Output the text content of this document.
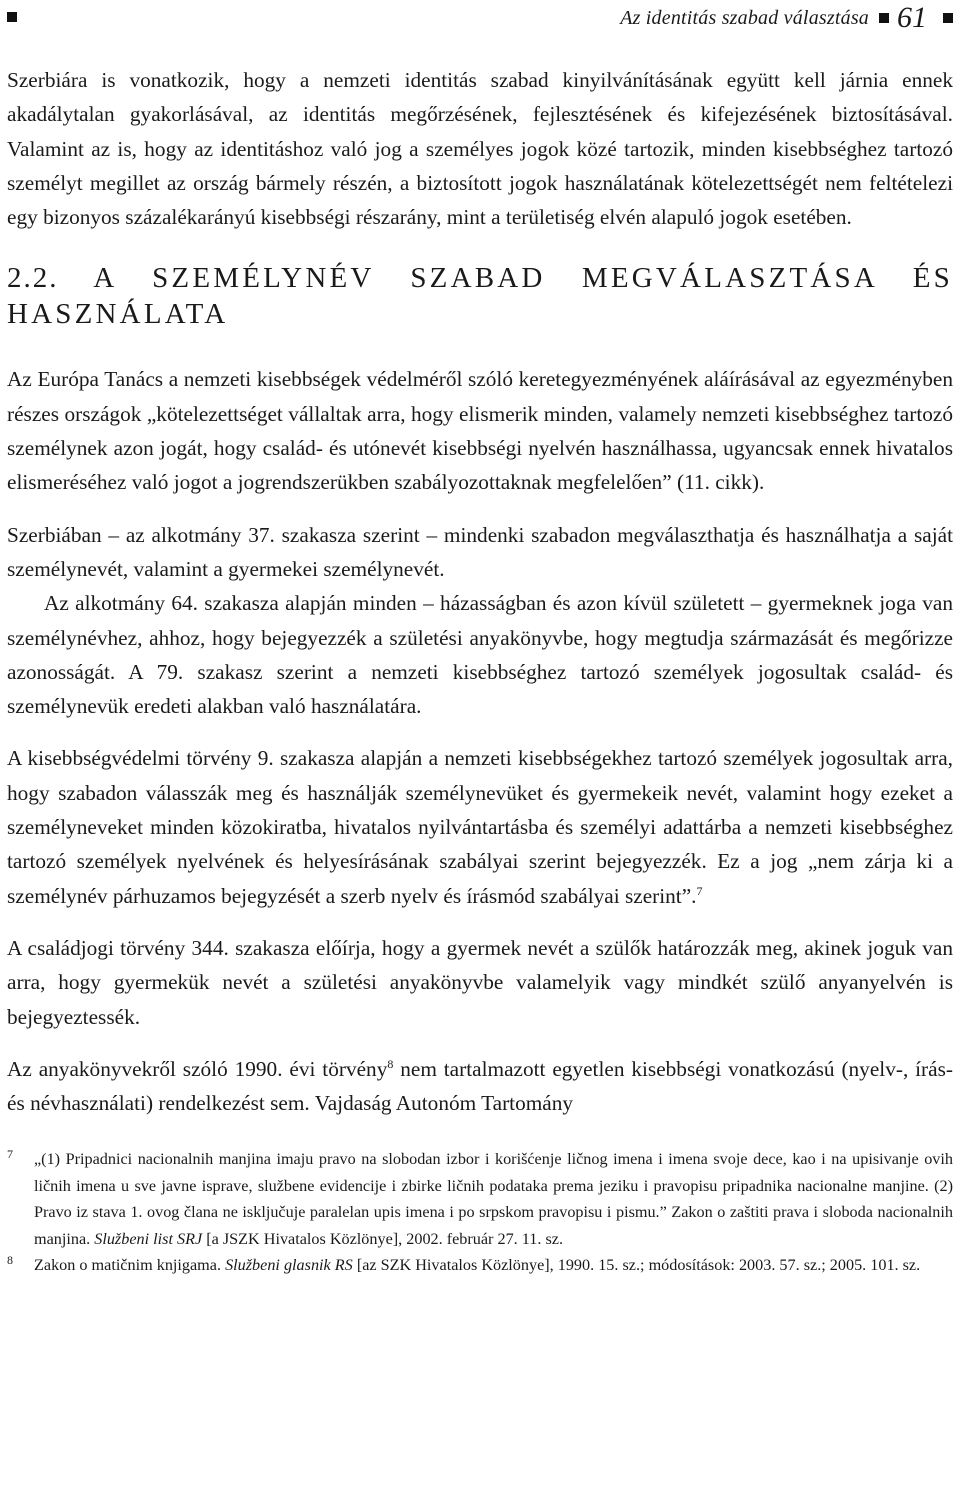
Az identitás szabad választása 61

Szerbiára is vonatkozik, hogy a nemzeti identitás szabad kinyilvánításának együtt kell járnia ennek akadálytalan gyakorlásával, az identitás megőrzésének, fejlesztésének és kifejezésének biztosításával. Valamint az is, hogy az identitáshoz való jog a személyes jogok közé tartozik, minden kisebbséghez tartozó személyt megillet az ország bármely részén, a biztosított jogok használatának kötelezettségét nem feltételezi egy bizonyos százalékarányú kisebbségi részarány, mint a területiség elvén alapuló jogok esetében.

2.2. A SZEMÉLYNÉV SZABAD MEGVÁLASZTÁSA ÉS HASZNÁLATA

Az Európa Tanács a nemzeti kisebbségek védelméről szóló keretegyezményének aláírásával az egyezményben részes országok „kötelezettséget vállaltak arra, hogy elismerik minden, valamely nemzeti kisebbséghez tartozó személynek azon jogát, hogy család- és utónevét kisebbségi nyelvén használhassa, ugyancsak ennek hivatalos elismeréséhez való jogot a jogrendszerükben szabályozottaknak megfelelően” (11. cikk).

Szerbiában – az alkotmány 37. szakasza szerint – mindenki szabadon megválaszthatja és használhatja a saját személynevét, valamint a gyermekei személynevét.

Az alkotmány 64. szakasza alapján minden – házasságban és azon kívül született – gyermeknek joga van személynévhez, ahhoz, hogy bejegyezzék a születési anyakönyvbe, hogy megtudja származását és megőrizze azonosságát. A 79. szakasz szerint a nemzeti kisebbséghez tartozó személyek jogosultak család- és személynevük eredeti alakban való használatára.

A kisebbségvédelmi törvény 9. szakasza alapján a nemzeti kisebbségekhez tartozó személyek jogosultak arra, hogy szabadon válasszák meg és használják személynevüket és gyermekeik nevét, valamint hogy ezeket a személyneveket minden közokiratba, hivatalos nyilvántartásba és személyi adattárba a nemzeti kisebbséghez tartozó személyek nyelvének és helyesírásának szabályai szerint bejegyezzék. Ez a jog „nem zárja ki a személynév párhuzamos bejegyzését a szerb nyelv és írásmód szabályai szerint”.$^7$

A családjogi törvény 344. szakasza előírja, hogy a gyermek nevét a szülők határozzák meg, akinek joguk van arra, hogy gyermekük nevét a születési anyakönyvbe valamelyik vagy mindkét szülő anyanyelvén is bejegyeztessék.

Az anyakönyvekről szóló 1990. évi törvény$^8$ nem tartalmazott egyetlen kisebbségi vonatkozású (nyelv-, írás- és névhasználati) rendelkezést sem. Vajdaság Autonóm Tartomány

7 „(1) Pripadnici nacionalnih manjina imaju pravo na slobodan izbor i korišćenje ličnog imena i imena svoje dece, kao i na upisivanje ovih ličnih imena u sve javne isprave, službene evidencije i zbirke ličnih podataka prema jeziku i pravopisu pripadnika nacionalne manjine. (2) Pravo iz stava 1. ovog člana ne isključuje paralelan upis imena i po srpskom pravopisu i pismu.” Zakon o zaštiti prava i sloboda nacionalnih manjina. Službeni list SRJ [a JSZK Hivatalos Közlönye], 2002. február 27. 11. sz.
8 Zakon o matičnim knjigama. Službeni glasnik RS [az SZK Hivatalos Közlönye], 1990. 15. sz.; módosítások: 2003. 57. sz.; 2005. 101. sz.
